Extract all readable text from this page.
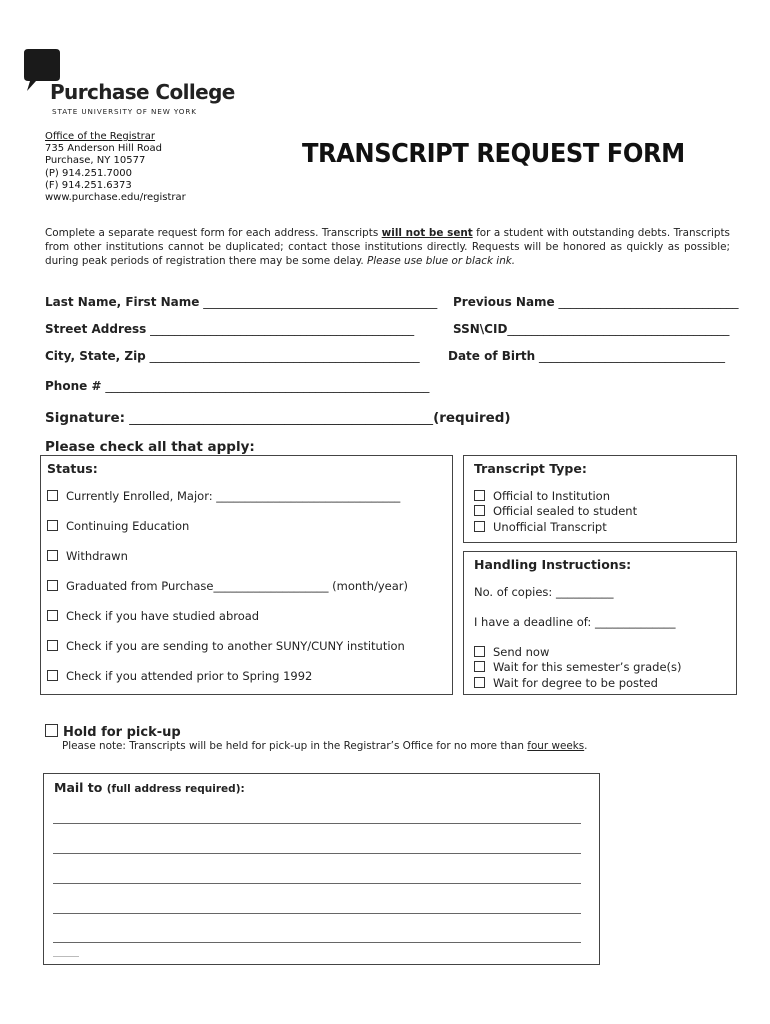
Purchase College
STATE UNIVERSITY OF NEW YORK
Office of the Registrar
735 Anderson Hill Road
Purchase, NY 10577
(P) 914.251.7000
(F) 914.251.6373
www.purchase.edu/registrar
TRANSCRIPT REQUEST FORM
Complete a separate request form for each address. Transcripts will not be sent for a student with outstanding debts. Transcripts from other institutions cannot be duplicated; contact those institutions directly. Requests will be honored as quickly as possible; during peak periods of registration there may be some delay. Please use blue or black ink.
Last Name, First Name _______________________________________ Previous Name ______________________________
Street Address ____________________________________________	SSN\CID_____________________________________
City, State, Zip _____________________________________________ Date of Birth _______________________________
Phone # ______________________________________________________
Signature: _____________________________________________(required)
Please check all that apply:
Status:
Currently Enrolled, Major: ________________________________
Continuing Education
Withdrawn
Graduated from Purchase____________________ (month/year)
Check if you have studied abroad
Check if you are sending to another SUNY/CUNY institution
Check if you attended prior to Spring 1992
Transcript Type:
Official to Institution
Official sealed to student
Unofficial Transcript
Handling Instructions:
No. of copies: __________
I have a deadline of: ______________
Send now
Wait for this semester’s grade(s)
Wait for degree to be posted
Hold for pick-up
Please note: Transcripts will be held for pick-up in the Registrar’s Office for no more than four weeks.
Mail to (full address required):
